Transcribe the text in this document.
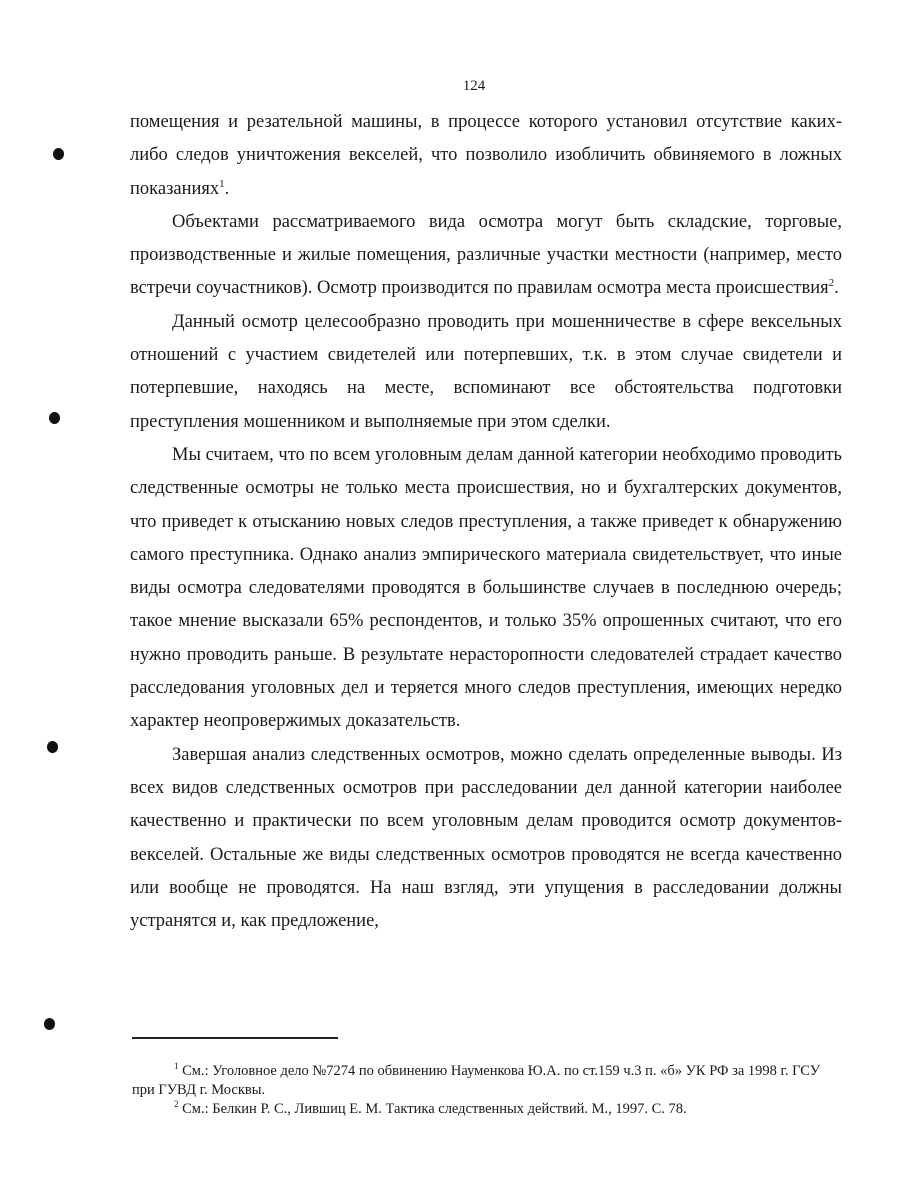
124

помещения и резательной машины, в процессе которого установил отсутствие каких-либо следов уничтожения векселей, что позволило изобличить обвиняемого в ложных показаниях$^1$.

Объектами рассматриваемого вида осмотра могут быть складские, торговые, производственные и жилые помещения, различные участки местности (например, место встречи соучастников). Осмотр производится по правилам осмотра места происшествия$^2$.

Данный осмотр целесообразно проводить при мошенничестве в сфере вексельных отношений с участием свидетелей или потерпевших, т.к. в этом случае свидетели и потерпевшие, находясь на месте, вспоминают все обстоятельства подготовки преступления мошенником и выполняемые при этом сделки.

Мы считаем, что по всем уголовным делам данной категории необходимо проводить следственные осмотры не только места происшествия, но и бухгалтерских документов, что приведет к отысканию новых следов преступления, а также приведет к обнаружению самого преступника. Однако анализ эмпирического материала свидетельствует, что иные виды осмотра следователями проводятся в большинстве случаев в последнюю очередь; такое мнение высказали 65% респондентов, и только 35% опрошенных считают, что его нужно проводить раньше. В результате нерасторопности следователей страдает качество расследования уголовных дел и теряется много следов преступления, имеющих нередко характер неопровержимых доказательств.

Завершая анализ следственных осмотров, можно сделать определенные выводы. Из всех видов следственных осмотров при расследовании дел данной категории наиболее качественно и практически по всем уголовным делам проводится осмотр документов-векселей. Остальные же виды следственных осмотров проводятся не всегда качественно или вообще не проводятся. На наш взгляд, эти упущения в расследовании должны устранятся и, как предложение,

$^1$ См.: Уголовное дело №7274 по обвинению Науменкова Ю.А. по ст.159 ч.3 п. «б» УК РФ за 1998 г. ГСУ при ГУВД г. Москвы.

$^2$ См.: Белкин Р. С., Лившиц Е. М. Тактика следственных действий. М., 1997. С. 78.
